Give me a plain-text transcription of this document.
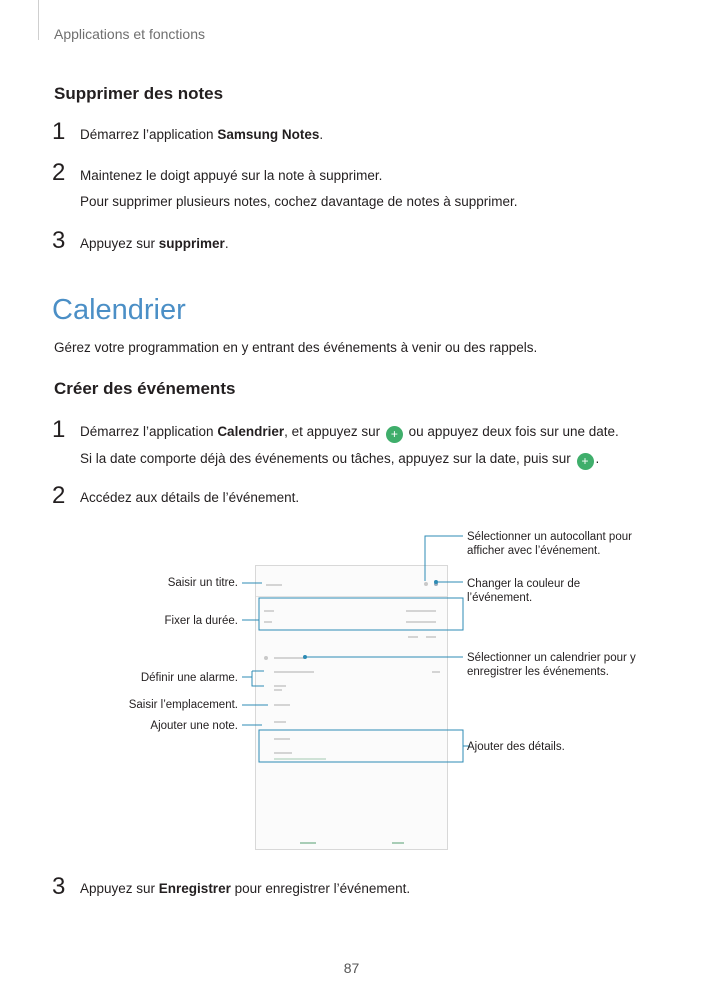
Applications et fonctions
Supprimer des notes
1 Démarrez l’application Samsung Notes.
2 Maintenez le doigt appuyé sur la note à supprimer.
Pour supprimer plusieurs notes, cochez davantage de notes à supprimer.
3 Appuyez sur supprimer.
Calendrier
Gérez votre programmation en y entrant des événements à venir ou des rappels.
Créer des événements
1 Démarrez l’application Calendrier, et appuyez sur + ou appuyez deux fois sur une date.
Si la date comporte déjà des événements ou tâches, appuyez sur la date, puis sur + .
2 Accédez aux détails de l’événement.
Sélectionner un autocollant pour afficher avec l’événement.
Changer la couleur de l’événement.
Sélectionner un calendrier pour y enregistrer les événements.
Ajouter des détails.
Saisir un titre.
Fixer la durée.
Définir une alarme.
Saisir l’emplacement.
Ajouter une note.
3 Appuyez sur Enregistrer pour enregistrer l’événement.
87
